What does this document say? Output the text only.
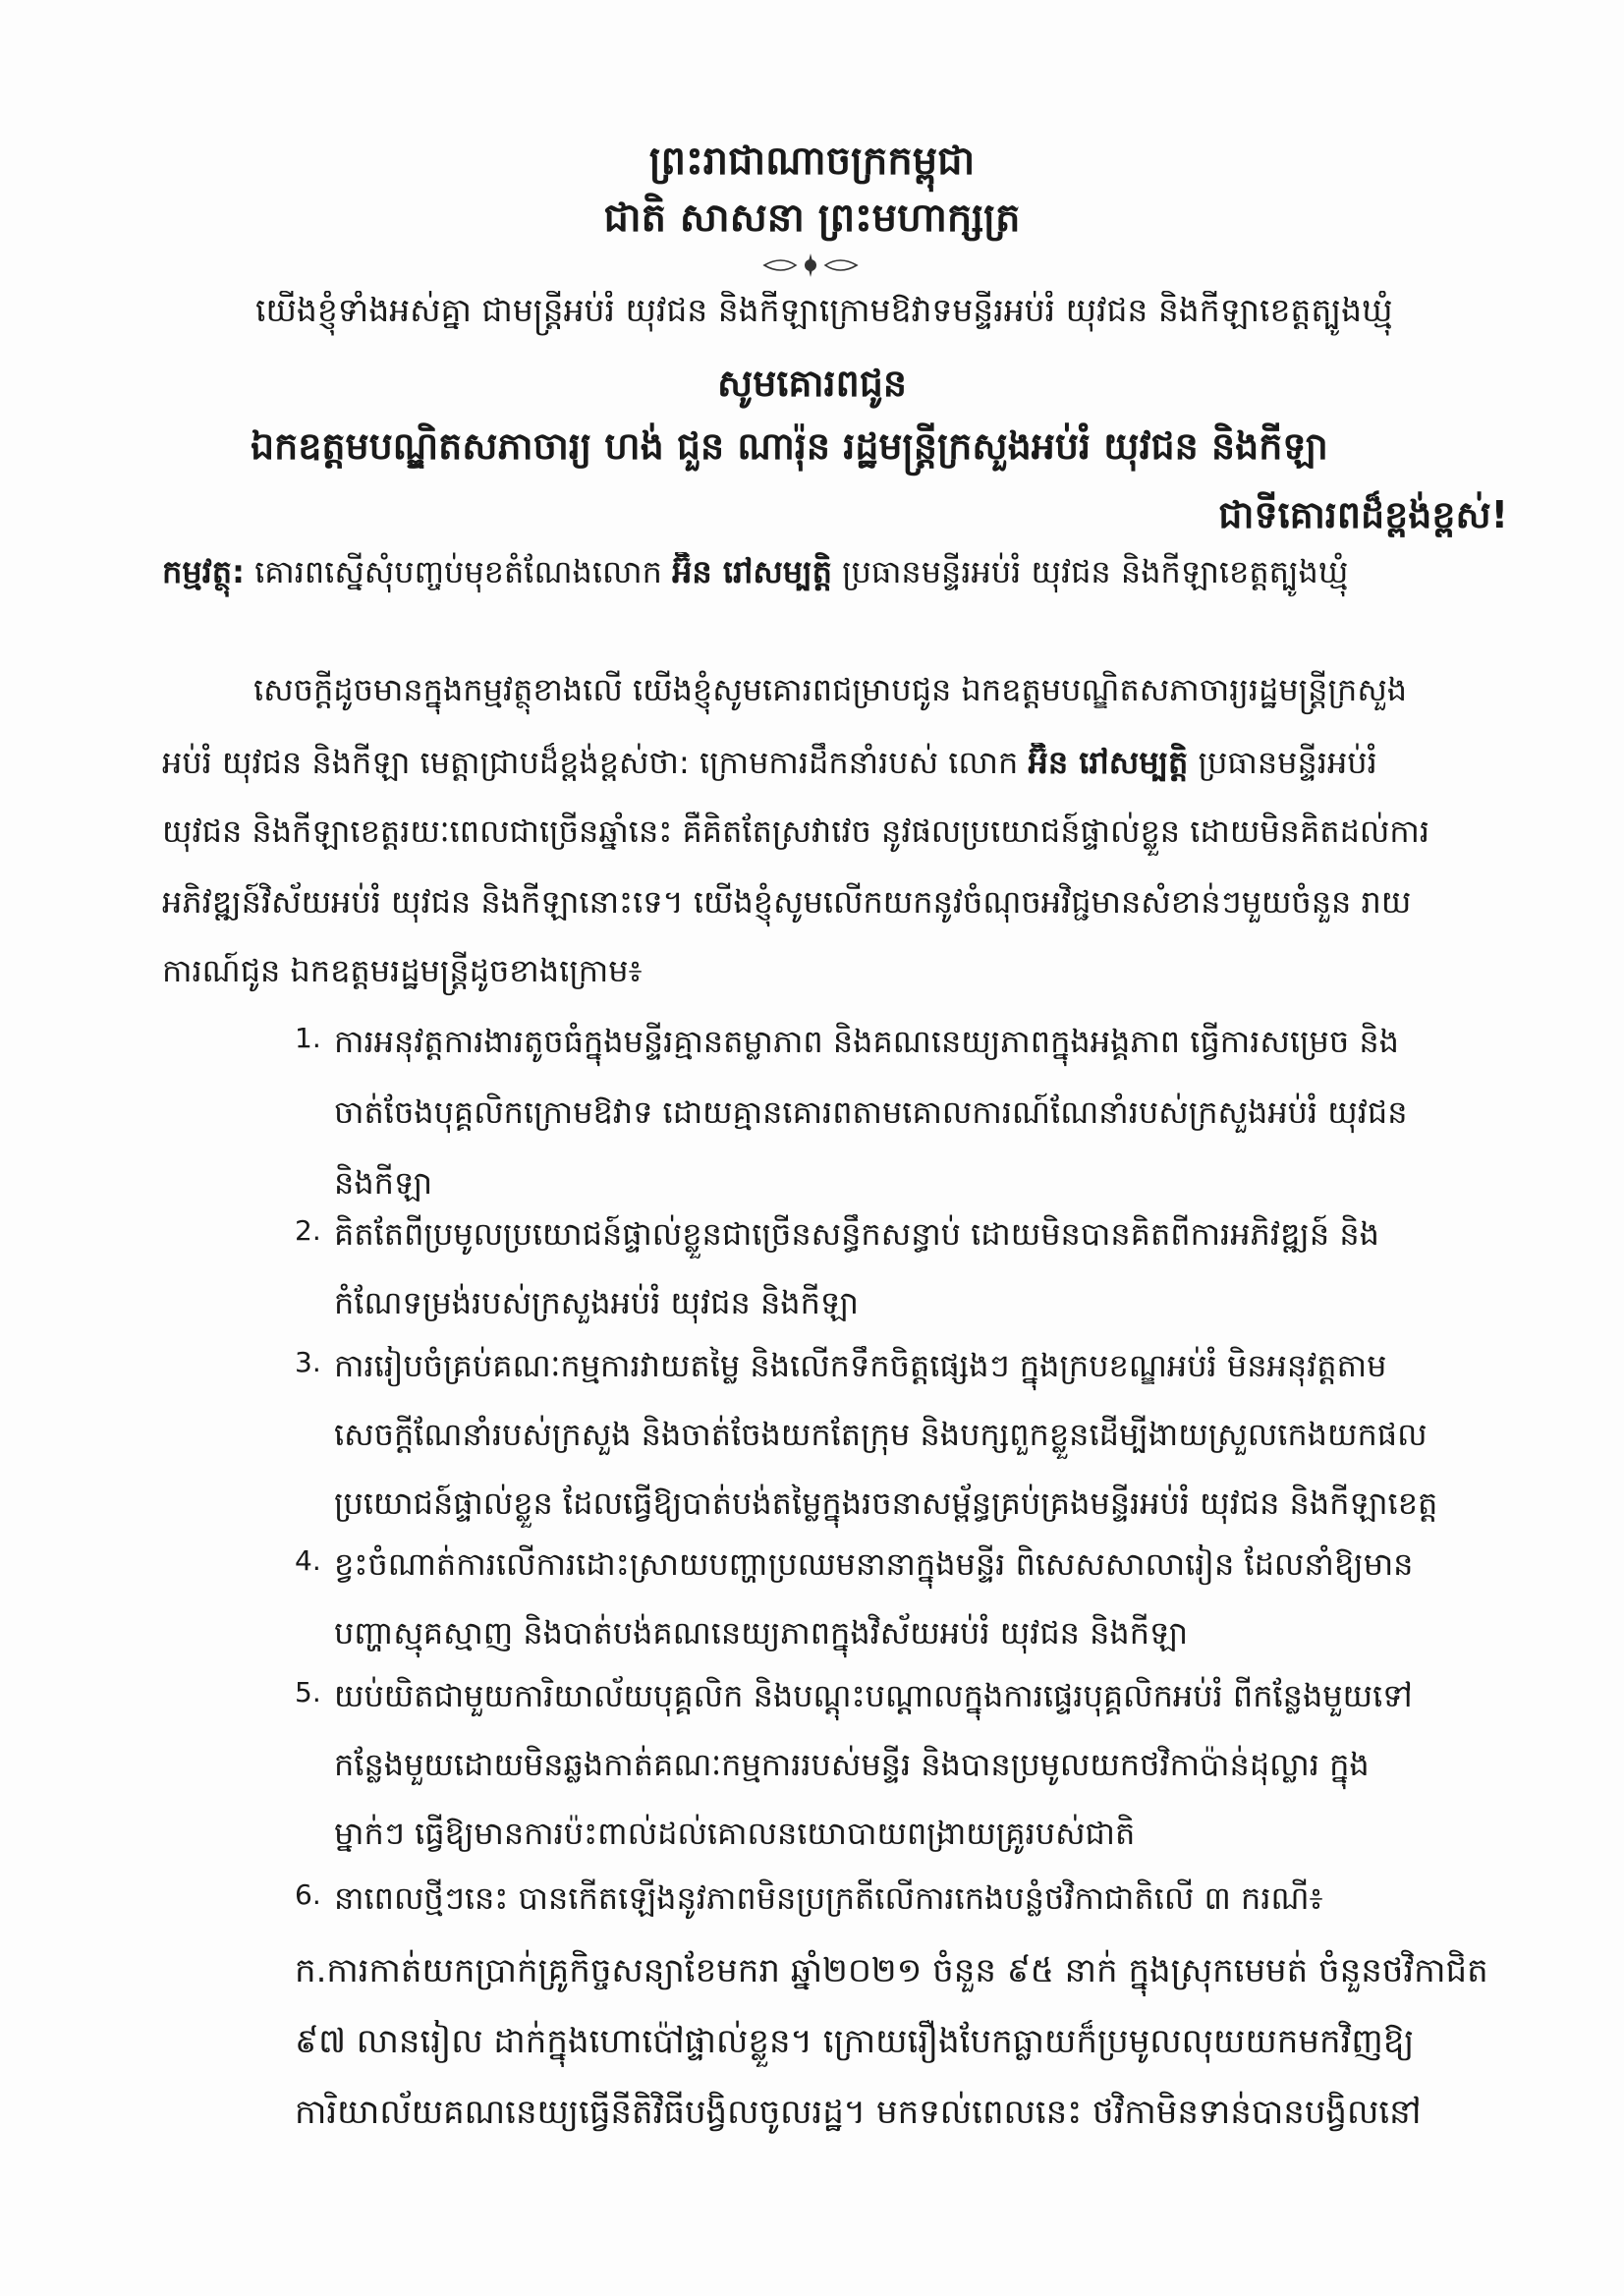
ព្រះរាជាណាចក្រកម្ពុជា
ជាតិ សាសនា ព្រះមហាក្សត្រ
យើងខ្ញុំទាំងអស់គ្នា ជាមន្ត្រីអប់រំ យុវជន និងកីឡាក្រោមឱវាទមន្ទីរអប់រំ យុវជន និងកីឡាខេត្តត្បូងឃ្មុំ
សូមគោរពជូន
ឯកឧត្តមបណ្ឌិតសភាចារ្យ ហង់ ជួន ណារ៉ុន រដ្ឋមន្ត្រីក្រសួងអប់រំ យុវជន និងកីឡា
ជាទីគោរពដ៏ខ្ពង់ខ្ពស់!
កម្មវត្ថុ: គោរពស្នើសុំបញ្ចប់មុខតំណែងលោក អ៊ិន រៅសម្បត្តិ ប្រធានមន្ទីរអប់រំ យុវជន និងកីឡាខេត្តត្បូងឃ្មុំ
សេចក្តីដូចមានក្នុងកម្មវត្ថុខាងលើ យើងខ្ញុំសូមគោរពជម្រាបជូន ឯកឧត្តមបណ្ឌិតសភាចារ្យរដ្ឋមន្ត្រីក្រសួង
អប់រំ យុវជន និងកីឡា មេត្តាជ្រាបដ៏ខ្ពង់ខ្ពស់ថា: ក្រោមការដឹកនាំរបស់ លោក អ៊ិន រៅសម្បត្តិ ប្រធានមន្ទីរអប់រំ
យុវជន និងកីឡាខេត្តរយៈពេលជាច្រើនឆ្នាំនេះ គឺគិតតែស្រវាវេច នូវផលប្រយោជន៍ផ្ទាល់ខ្លួន ដោយមិនគិតដល់ការ
អភិវឌ្ឍន៍វិស័យអប់រំ យុវជន និងកីឡានោះទេ។ យើងខ្ញុំសូមលើកយកនូវចំណុចអវិជ្ជមានសំខាន់ៗមួយចំនួន រាយ
ការណ៍ជូន ឯកឧត្តមរដ្ឋមន្ត្រីដូចខាងក្រោម៖
1. ការអនុវត្តការងារតូចធំក្នុងមន្ទីរគ្មានតម្លាភាព និងគណនេយ្យភាពក្នុងអង្គភាព ធ្វើការសម្រេច និង
ចាត់ចែងបុគ្គលិកក្រោមឱវាទ ដោយគ្មានគោរពតាមគោលការណ៍ណែនាំរបស់ក្រសួងអប់រំ យុវជន
និងកីឡា
2. គិតតែពីប្រមូលប្រយោជន៍ផ្ទាល់ខ្លួនជាច្រើនសន្ធឹកសន្ធាប់ ដោយមិនបានគិតពីការអភិវឌ្ឍន៍ និង
កំណែទម្រង់របស់ក្រសួងអប់រំ យុវជន និងកីឡា
3. ការរៀបចំគ្រប់គណៈកម្មការវាយតម្លៃ និងលើកទឹកចិត្តផ្សេងៗ ក្នុងក្របខណ្ឌអប់រំ មិនអនុវត្តតាម
សេចក្តីណែនាំរបស់ក្រសួង និងចាត់ចែងយកតែក្រុម និងបក្សពួកខ្លួនដើម្បីងាយស្រួលកេងយកផល
ប្រយោជន៍ផ្ទាល់ខ្លួន ដែលធ្វើឱ្យបាត់បង់តម្លៃក្នុងរចនាសម្ព័ន្ធគ្រប់គ្រងមន្ទីរអប់រំ យុវជន និងកីឡាខេត្ត
4. ខ្វះចំណាត់ការលើការដោះស្រាយបញ្ហាប្រឈមនានាក្នុងមន្ទីរ ពិសេសសាលារៀន ដែលនាំឱ្យមាន
បញ្ហាស្មុគស្មាញ និងបាត់បង់គណនេយ្យភាពក្នុងវិស័យអប់រំ យុវជន និងកីឡា
5. យប់យិតជាមួយការិយាល័យបុគ្គលិក និងបណ្តុះបណ្តាលក្នុងការផ្ទេរបុគ្គលិកអប់រំ ពីកន្លែងមួយទៅ
កន្លែងមួយដោយមិនឆ្លងកាត់គណៈកម្មការរបស់មន្ទីរ និងបានប្រមូលយកថវិកាប៉ាន់ដុល្លារ ក្នុង
ម្នាក់ៗ ធ្វើឱ្យមានការប៉ះពាល់ដល់គោលនយោបាយពង្រាយគ្រូរបស់ជាតិ
6. នាពេលថ្មីៗនេះ បានកើតឡើងនូវភាពមិនប្រក្រតីលើការកេងបន្លំថវិកាជាតិលើ ៣ ករណី៖
ក.ការកាត់យកប្រាក់គ្រូកិច្ចសន្យាខែមករា ឆ្នាំ២០២១ ចំនួន ៩៥ នាក់ ក្នុងស្រុកមេមត់ ចំនួនថវិកាជិត
៩៧ លានរៀល ដាក់ក្នុងហោប៉ៅផ្ទាល់ខ្លួន។ ក្រោយរឿងបែកធ្លាយក៏ប្រមូលលុយយកមកវិញឱ្យ
ការិយាល័យគណនេយ្យធ្វើនីតិវិធីបង្វិលចូលរដ្ឋ។ មកទល់ពេលនេះ ថវិកាមិនទាន់បានបង្វិលនៅ
